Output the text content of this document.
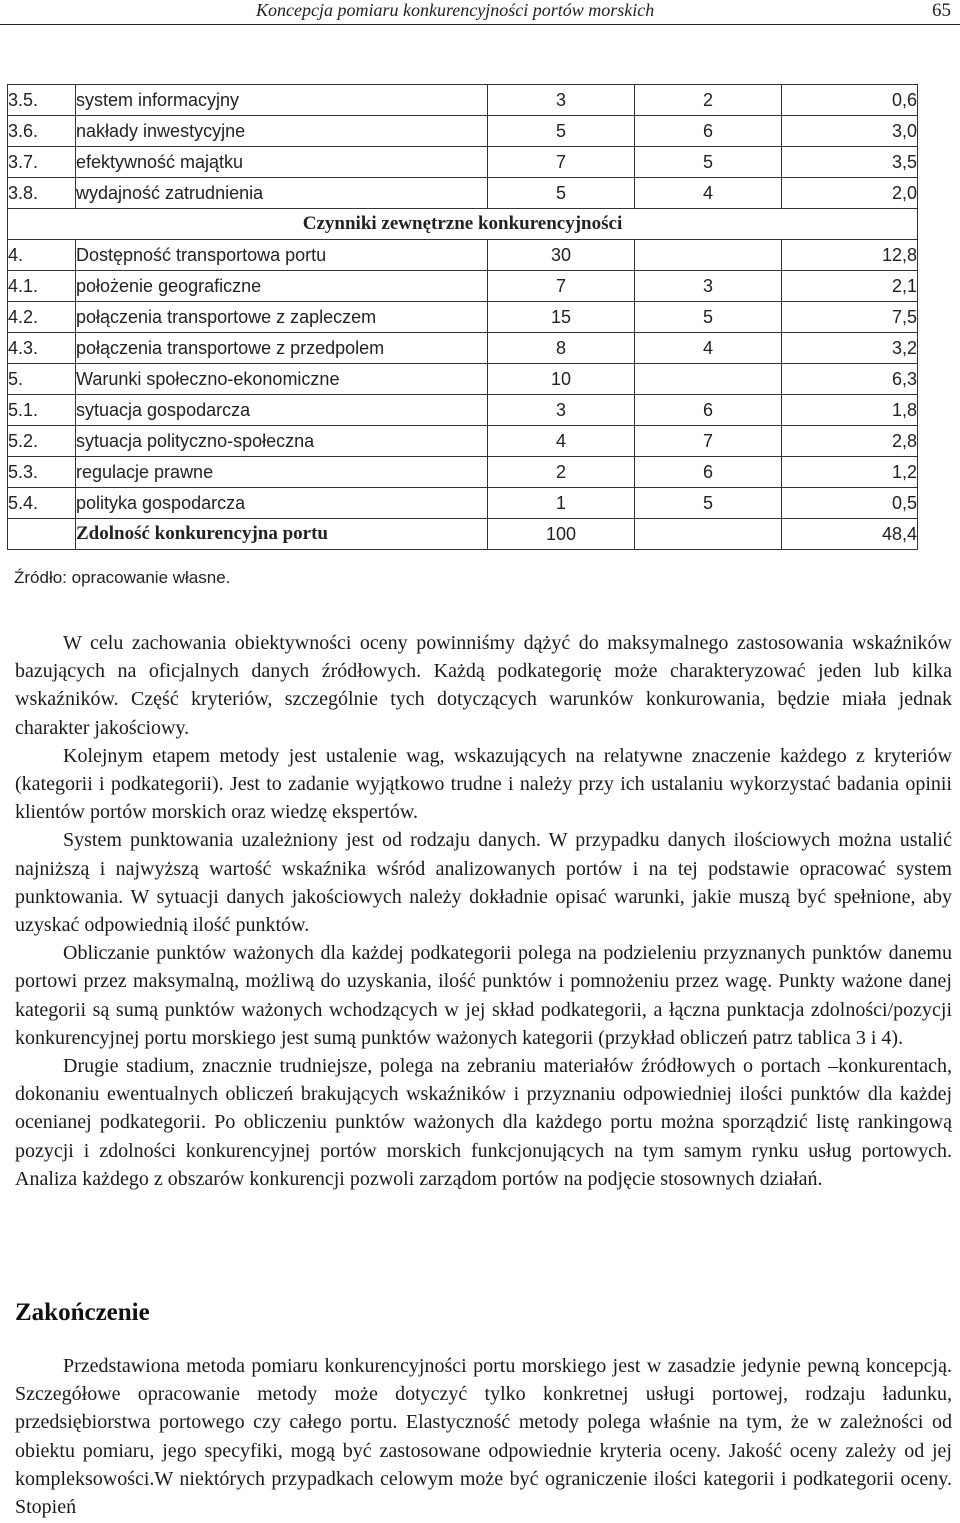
Koncepcja pomiaru konkurencyjności portów morskich	65
3.5.	system informacyjny	3	2	0,6
3.6.	nakłady inwestycyjne	5	6	3,0
3.7.	efektywność majątku	7	5	3,5
3.8.	wydajność zatrudnienia	5	4	2,0
Czynniki zewnętrzne konkurencyjności				
4.	Dostępność transportowa portu	30		12,8
4.1.	położenie geograficzne	7	3	2,1
4.2.	połączenia transportowe z zapleczem	15	5	7,5
4.3.	połączenia transportowe z przedpolem	8	4	3,2
5.	Warunki społeczno-ekonomiczne	10		6,3
5.1.	sytuacja gospodarcza	3	6	1,8
5.2.	sytuacja polityczno-społeczna	4	7	2,8
5.3.	regulacje prawne	2	6	1,2
5.4.	polityka gospodarcza	1	5	0,5
	Zdolność konkurencyjna portu	100		48,4
Źródło: opracowanie własne.

W celu zachowania obiektywności oceny powinniśmy dążyć do maksymalnego zastosowania wskaźników bazujących na oficjalnych danych źródłowych. Każdą podkategorię może charakteryzować jeden lub kilka wskaźników. Część kryteriów, szczególnie tych dotyczących warunków konkurowania, będzie miała jednak charakter jakościowy.

Kolejnym etapem metody jest ustalenie wag, wskazujących na relatywne znaczenie każdego z kryteriów (kategorii i podkategorii). Jest to zadanie wyjątkowo trudne i należy przy ich ustalaniu wykorzystać badania opinii klientów portów morskich oraz wiedzę ekspertów.

System punktowania uzależniony jest od rodzaju danych. W przypadku danych ilościowych można ustalić najniższą i najwyższą wartość wskaźnika wśród analizowanych portów i na tej podstawie opracować system punktowania. W sytuacji danych jakościowych należy dokładnie opisać warunki, jakie muszą być spełnione, aby uzyskać odpowiednią ilość punktów.

Obliczanie punktów ważonych dla każdej podkategorii polega na podzieleniu przyznanych punktów danemu portowi przez maksymalną, możliwą do uzyskania, ilość punktów i pomnożeniu przez wagę. Punkty ważone danej kategorii są sumą punktów ważonych wchodzących w jej skład podkategorii, a łączna punktacja zdolności/pozycji konkurencyjnej portu morskiego jest sumą punktów ważonych kategorii (przykład obliczeń patrz tablica 3 i 4).

Drugie stadium, znacznie trudniejsze, polega na zebraniu materiałów źródłowych o portach –konkurentach, dokonaniu ewentualnych obliczeń brakujących wskaźników i przyznaniu odpowiedniej ilości punktów dla każdej ocenianej podkategorii. Po obliczeniu punktów ważonych dla każdego portu można sporządzić listę rankingową pozycji i zdolności konkurencyjnej portów morskich funkcjonujących na tym samym rynku usług portowych. Analiza każdego z obszarów konkurencji pozwoli zarządom portów na podjęcie stosownych działań.

Zakończenie

Przedstawiona metoda pomiaru konkurencyjności portu morskiego jest w zasadzie jedynie pewną koncepcją. Szczegółowe opracowanie metody może dotyczyć tylko konkretnej usługi portowej, rodzaju ładunku, przedsiębiorstwa portowego czy całego portu. Elastyczność metody polega właśnie na tym, że w zależności od obiektu pomiaru, jego specyfiki, mogą być zastosowane odpowiednie kryteria oceny. Jakość oceny zależy od jej kompleksowości.W niektórych przypadkach celowym może być ograniczenie ilości kategorii i podkategorii oceny. Stopień
